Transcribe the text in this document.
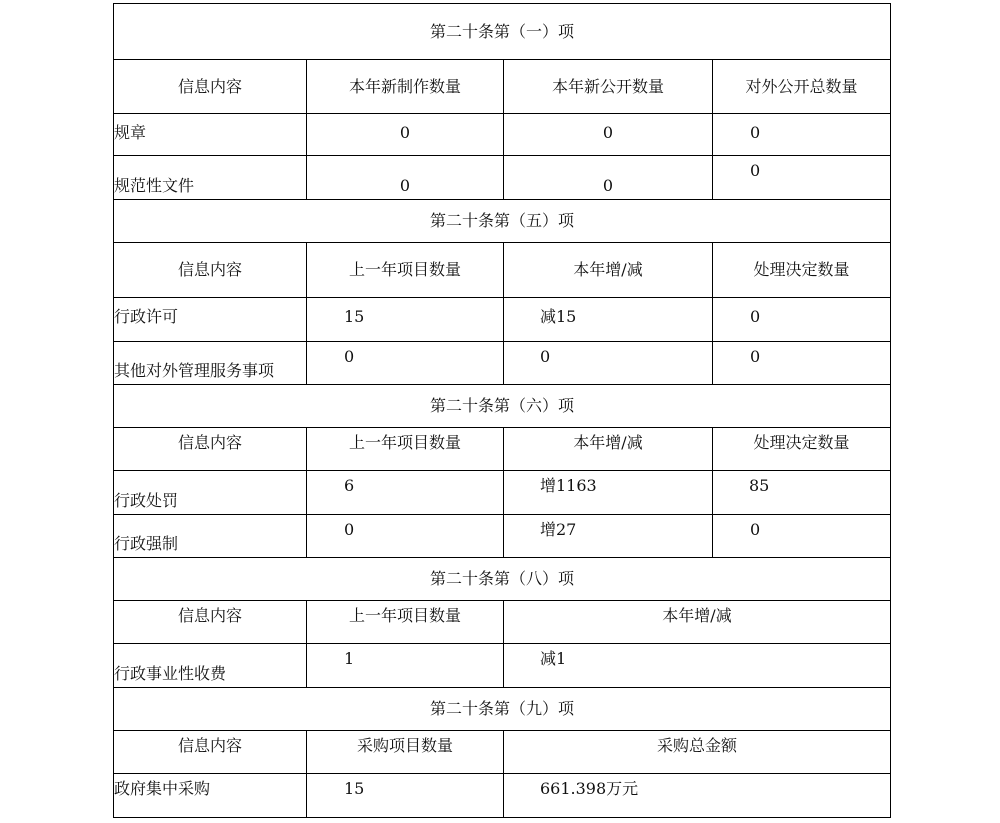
第二十条第（一）项			
信息内容	本年新制作数量	本年新公开数量	对外公开总数量
规章	0	0	0
规范性文件	0	0	0
第二十条第（五）项			
信息内容	上一年项目数量	本年增/减	处理决定数量
行政许可	15	减15	0
其他对外管理服务事项	0	0	0
第二十条第（六）项			
信息内容	上一年项目数量	本年增/减	处理决定数量
行政处罚	6	增1163	85
行政强制	0	增27	0
第二十条第（八）项			
信息内容	上一年项目数量	本年增/减	
行政事业性收费	1	减1	
第二十条第（九）项			
信息内容	采购项目数量	采购总金额	
政府集中采购	15	661.398万元	
